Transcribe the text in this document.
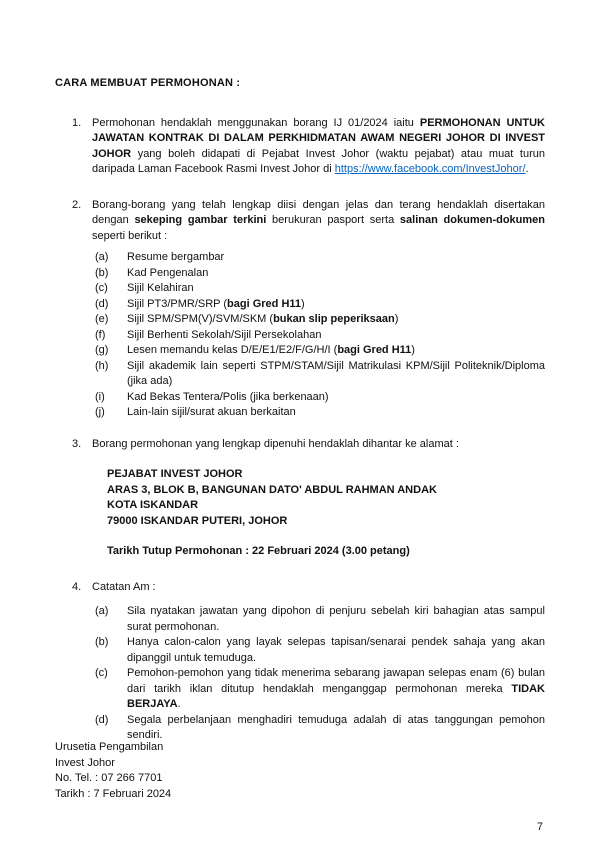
CARA MEMBUAT PERMOHONAN :
1. Permohonan hendaklah menggunakan borang IJ 01/2024 iaitu PERMOHONAN UNTUK JAWATAN KONTRAK DI DALAM PERKHIDMATAN AWAM NEGERI JOHOR DI INVEST JOHOR yang boleh didapati di Pejabat Invest Johor (waktu pejabat) atau muat turun daripada Laman Facebook Rasmi Invest Johor di https://www.facebook.com/InvestJohor/.
2. Borang-borang yang telah lengkap diisi dengan jelas dan terang hendaklah disertakan dengan sekeping gambar terkini berukuran pasport serta salinan dokumen-dokumen seperti berikut :
(a)	Resume bergambar
(b)	Kad Pengenalan
(c)	Sijil Kelahiran
(d)	Sijil PT3/PMR/SRP (bagi Gred H11)
(e)	Sijil SPM/SPM(V)/SVM/SKM (bukan slip peperiksaan)
(f)	Sijil Berhenti Sekolah/Sijil Persekolahan
(g)	Lesen memandu kelas D/E/E1/E2/F/G/H/I (bagi Gred H11)
(h)	Sijil akademik lain seperti STPM/STAM/Sijil Matrikulasi KPM/Sijil Politeknik/Diploma (jika ada)
(i)	Kad Bekas Tentera/Polis (jika berkenaan)
(j)	Lain-lain sijil/surat akuan berkaitan
3. Borang permohonan yang lengkap dipenuhi hendaklah dihantar ke alamat :
PEJABAT INVEST JOHOR
ARAS 3, BLOK B, BANGUNAN DATO' ABDUL RAHMAN ANDAK
KOTA ISKANDAR
79000 ISKANDAR PUTERI, JOHOR
Tarikh Tutup Permohonan : 22 Februari 2024 (3.00 petang)
4. Catatan Am :
(a)	Sila nyatakan jawatan yang dipohon di penjuru sebelah kiri bahagian atas sampul surat permohonan.
(b)	Hanya calon-calon yang layak selepas tapisan/senarai pendek sahaja yang akan dipanggil untuk temuduga.
(c)	Pemohon-pemohon yang tidak menerima sebarang jawapan selepas enam (6) bulan dari tarikh iklan ditutup hendaklah menganggap permohonan mereka TIDAK BERJAYA.
(d)	Segala perbelanjaan menghadiri temuduga adalah di atas tanggungan pemohon sendiri.
Urusetia Pengambilan
Invest Johor
No. Tel. : 07 266 7701
Tarikh : 7 Februari 2024
7
